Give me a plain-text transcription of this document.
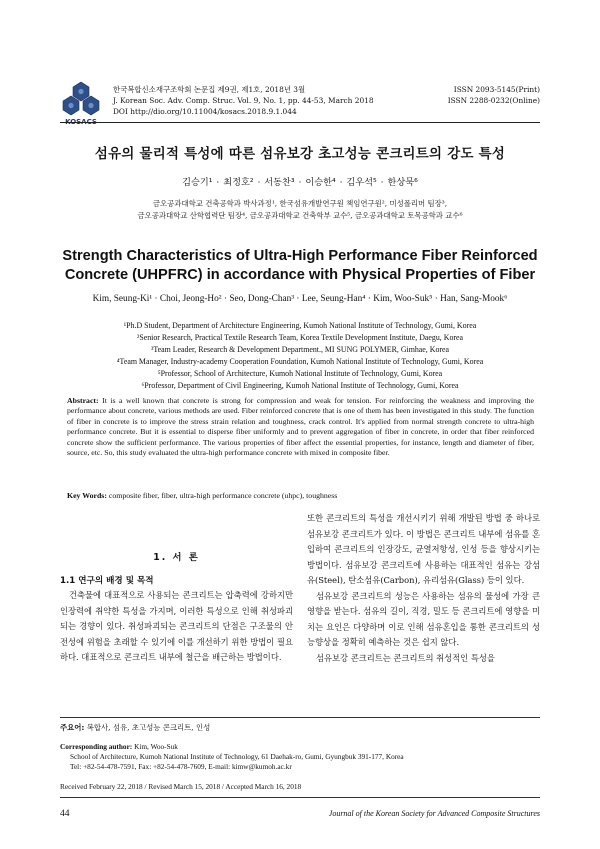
KOSACS
한국복합신소재구조학회 논문집 제9권, 제1호, 2018년 3월
J. Korean Soc. Adv. Comp. Struc. Vol. 9, No. 1, pp. 44-53, March 2018
DOI http://dio.org/10.11004/kosacs.2018.9.1.044
ISSN 2093-5145(Print)
ISSN 2288-0232(Online)
섬유의 물리적 특성에 따른 섬유보강 초고성능 콘크리트의 강도 특성
김승기¹ · 최정호² · 서동찬³ · 이승한⁴ · 김우석⁵ · 한상묵⁶
금오공과대학교 건축공학과 박사과정¹, 한국섬유개발연구원 책임연구원², 미성폴리머 팀장³,
금오공과대학교 산학협력단 팀장⁴, 금오공과대학교 건축학부 교수⁵, 금오공과대학교 토목공학과 교수⁶
Strength Characteristics of Ultra-High Performance Fiber Reinforced
Concrete (UHPFRC) in accordance with Physical Properties of Fiber
Kim, Seung-Ki¹ · Choi, Jeong-Ho² · Seo, Dong-Chan³ · Lee, Seung-Han⁴ · Kim, Woo-Suk⁵ · Han, Sang-Mook⁶
¹Ph.D Student, Department of Architecture Engineering, Kumoh National Institute of Technology, Gumi, Korea
²Senior Research, Practical Textile Research Team, Korea Textile Development Institute, Daegu, Korea
³Team Leader, Research & Development Department., MI SUNG POLYMER, Gimhae, Korea
⁴Team Manager, Industry-academy Cooperation Foundation, Kumoh National Institute of Technology, Gumi, Korea
⁵Professor, School of Architecture, Kumoh National Institute of Technology, Gumi, Korea
⁶Professor, Department of Civil Engineering, Kumoh National Institute of Technology, Gumi, Korea
Abstract: It is a well known that concrete is strong for compression and weak for tension. For reinforcing the weakness and improving the performance about concrete, various methods are used. Fiber reinforced concrete that is one of them has been investigated in this study. The function of fiber in concrete is to improve the stress strain relation and toughness, crack control. It's applied from normal strength concrete to ultra-high performance concrete. But it is essential to disperse fiber uniformly and to prevent aggregation of fiber in concrete, in order that fiber reinforced concrete show the sufficient performance. The various properties of fiber affect the essential properties, for instance, length and diameter of fiber, source, etc. So, this study evaluated the ultra-high performance concrete with mixed in composite fiber.
Key Words: composite fiber, fiber, ultra-high performance concrete (uhpc), toughness
1. 서 론
1.1 연구의 배경 및 목적
건축물에 대표적으로 사용되는 콘크리트는 압축력에 강하지만 인장력에 취약한 특성을 가지며, 이러한 특성으로 인해 취성파괴되는 경향이 있다. 취성파괴되는 콘크리트의 단점은 구조물의 안전성에 위험을 초래할 수 있기에 이를 개선하기 위한 방법이 필요하다. 대표적으로 콘크리트 내부에 철근을 배근하는 방법이다.
또한 콘크리트의 특성을 개선시키기 위해 개발된 방법 중 하나로 섬유보강 콘크리트가 있다. 이 방법은 콘크리트 내부에 섬유를 혼입하여 콘크리트의 인장강도, 균열저항성, 인성 등을 향상시키는 방법이다. 섬유보강 콘크리트에 사용하는 대표적인 섬유는 강섬유(Steel), 탄소섬유(Carbon), 유리섬유(Glass) 등이 있다.
섬유보강 콘크리트의 성능은 사용하는 섬유의 물성에 가장 큰 영향을 받는다. 섬유의 길이, 직경, 밀도 등 콘크리트에 영향을 미치는 요인은 다양하며 이로 인해 섬유혼입을 통한 콘크리트의 성능향상을 정확히 예측하는 것은 쉽지 않다.
섬유보강 콘크리트는 콘크리트의 취성적인 특성을
주요어: 복합사, 섬유, 초고성능 콘크리트, 인성
Corresponding author: Kim, Woo-Suk
School of Architecture, Kumoh National Institute of Technology, 61 Daehak-ro, Gumi, Gyungbuk 391-177, Korea
Tel: +82-54-478-7591, Fax: +82-54-478-7609, E-mail: kimw@kumoh.ac.kr
Received February 22, 2018 / Revised March 15, 2018 / Accepted March 16, 2018
44	Journal of the Korean Society for Advanced Composite Structures
